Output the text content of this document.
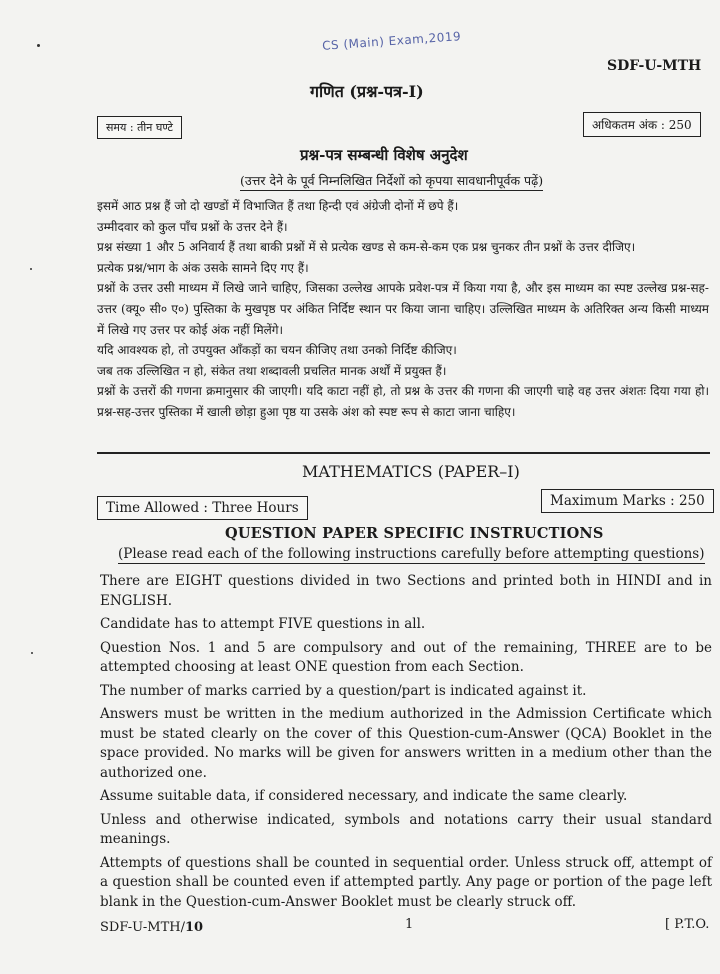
CS (Main) Exam,2019
SDF-U-MTH
गणित (प्रश्न-पत्र-I)
समय : तीन घण्टे	अधिकतम अंक : 250
प्रश्न-पत्र सम्बन्धी विशेष अनुदेश
(उत्तर देने के पूर्व निम्नलिखित निर्देशों को कृपया सावधानीपूर्वक पढ़ें)

इसमें आठ प्रश्न हैं जो दो खण्डों में विभाजित हैं तथा हिन्दी एवं अंग्रेजी दोनों में छपे हैं।

उम्मीदवार को कुल पाँच प्रश्नों के उत्तर देने हैं।

प्रश्न संख्या 1 और 5 अनिवार्य हैं तथा बाकी प्रश्नों में से प्रत्येक खण्ड से कम-से-कम एक प्रश्न चुनकर तीन प्रश्नों के उत्तर दीजिए।

प्रत्येक प्रश्न/भाग के अंक उसके सामने दिए गए हैं।

प्रश्नों के उत्तर उसी माध्यम में लिखे जाने चाहिए, जिसका उल्लेख आपके प्रवेश-पत्र में किया गया है, और इस माध्यम का स्पष्ट उल्लेख प्रश्न-सह-उत्तर (क्यू० सी० ए०) पुस्तिका के मुखपृष्ठ पर अंकित निर्दिष्ट स्थान पर किया जाना चाहिए। उल्लिखित माध्यम के अतिरिक्त अन्य किसी माध्यम में लिखे गए उत्तर पर कोई अंक नहीं मिलेंगे।

यदि आवश्यक हो, तो उपयुक्त आँकड़ों का चयन कीजिए तथा उनको निर्दिष्ट कीजिए।

जब तक उल्लिखित न हो, संकेत तथा शब्दावली प्रचलित मानक अर्थों में प्रयुक्त हैं।

प्रश्नों के उत्तरों की गणना क्रमानुसार की जाएगी। यदि काटा नहीं हो, तो प्रश्न के उत्तर की गणना की जाएगी चाहे वह उत्तर अंशतः दिया गया हो। प्रश्न-सह-उत्तर पुस्तिका में खाली छोड़ा हुआ पृष्ठ या उसके अंश को स्पष्ट रूप से काटा जाना चाहिए।

MATHEMATICS (PAPER–I)
Time Allowed : Three Hours	Maximum Marks : 250
QUESTION PAPER SPECIFIC INSTRUCTIONS
(Please read each of the following instructions carefully before attempting questions)

There are EIGHT questions divided in two Sections and printed both in HINDI and in ENGLISH.

Candidate has to attempt FIVE questions in all.

Question Nos. 1 and 5 are compulsory and out of the remaining, THREE are to be attempted choosing at least ONE question from each Section.

The number of marks carried by a question/part is indicated against it.

Answers must be written in the medium authorized in the Admission Certificate which must be stated clearly on the cover of this Question-cum-Answer (QCA) Booklet in the space provided. No marks will be given for answers written in a medium other than the authorized one.

Assume suitable data, if considered necessary, and indicate the same clearly.

Unless and otherwise indicated, symbols and notations carry their usual standard meanings.

Attempts of questions shall be counted in sequential order. Unless struck off, attempt of a question shall be counted even if attempted partly. Any page or portion of the page left blank in the Question-cum-Answer Booklet must be clearly struck off.

SDF-U-MTH/10	1	[ P.T.O.
